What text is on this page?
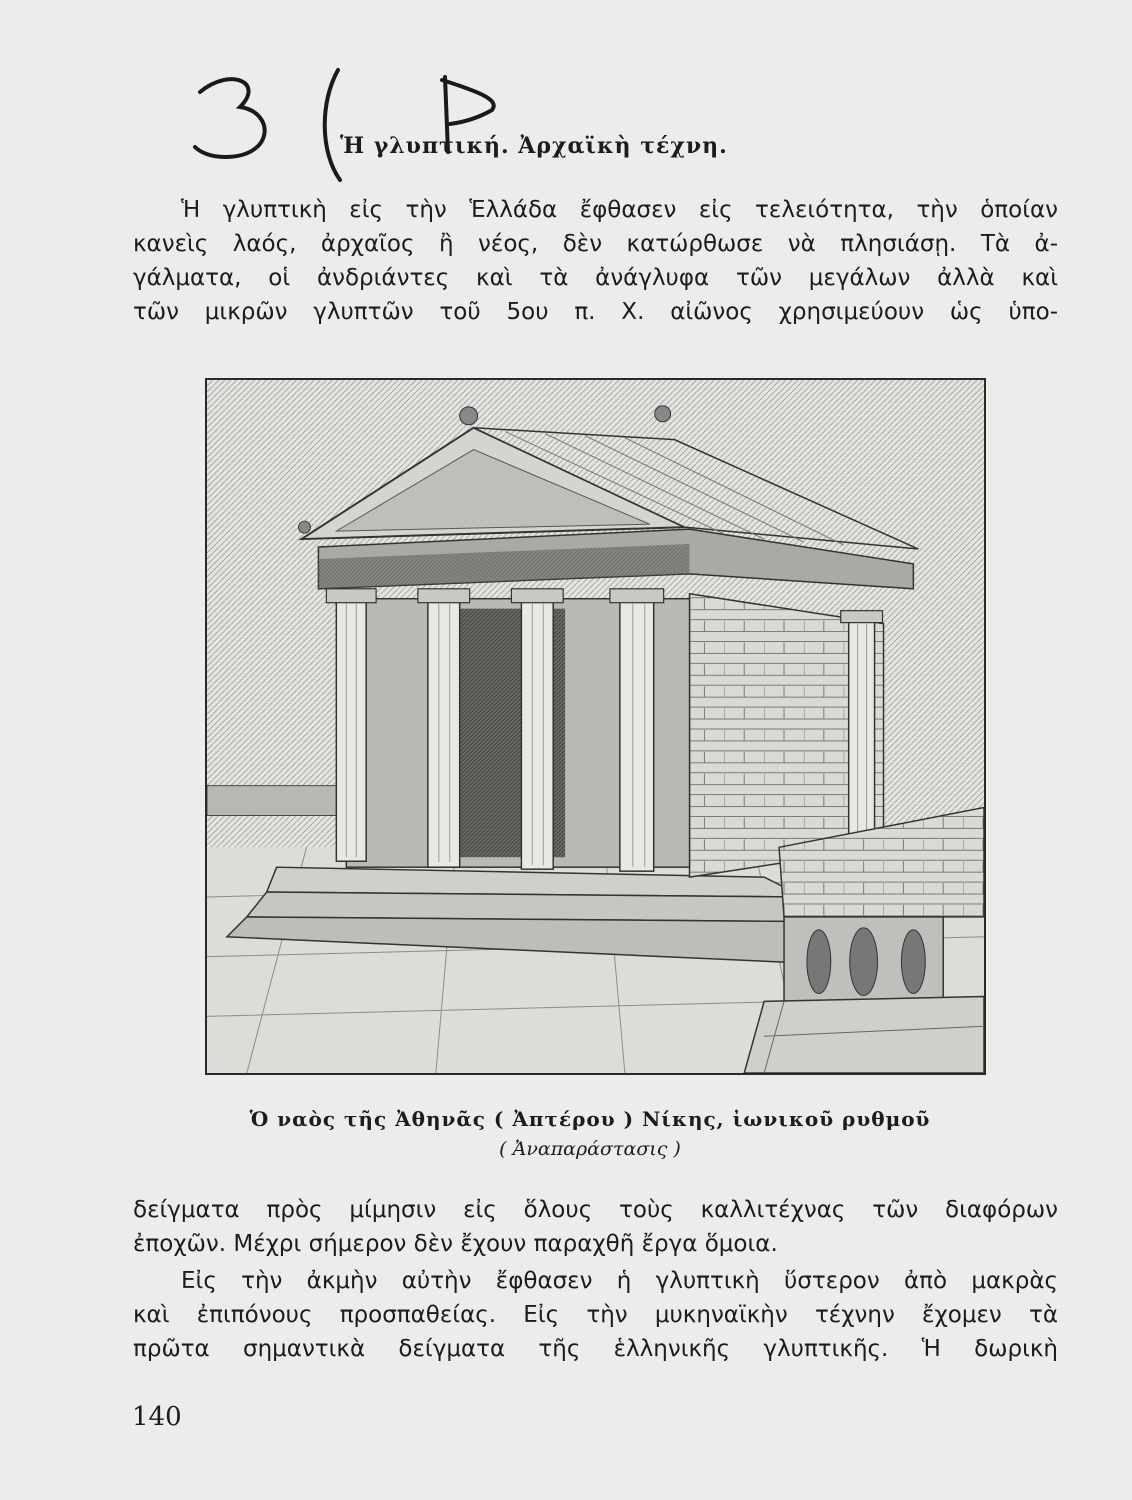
Ἡ γλυπτική. Ἀρχαϊκὴ τέχνη.
Ἡ γλυπτικὴ εἰς τὴν Ἑλλάδα ἔφθασεν εἰς τελειότητα, τὴν ὁποίαν
κανεὶς λαός, ἀρχαῖος ἢ νέος, δὲν κατώρθωσε νὰ πλησιάσῃ. Τὰ ἀ-
γάλματα, οἱ ἀνδριάντες καὶ τὰ ἀνάγλυφα τῶν μεγάλων ἀλλὰ καὶ
τῶν μικρῶν γλυπτῶν τοῦ 5ου π. Χ. αἰῶνος χρησιμεύουν ὡς ὑπο-
Ὁ ναὸς τῆς Ἀθηνᾶς ( Ἀπτέρου ) Νίκης, ἰωνικοῦ ρυθμοῦ
( Ἀναπαράστασις )
δείγματα πρὸς μίμησιν εἰς ὅλους τοὺς καλλιτέχνας τῶν διαφόρων
ἐποχῶν. Μέχρι σήμερον δὲν ἔχουν παραχθῆ ἔργα ὅμοια.
Εἰς τὴν ἀκμὴν αὐτὴν ἔφθασεν ἡ γλυπτικὴ ὕστερον ἀπὸ μακρὰς
καὶ ἐπιπόνους προσπαθείας. Εἰς τὴν μυκηναϊκὴν τέχνην ἔχομεν τὰ
πρῶτα σημαντικὰ δείγματα τῆς ἑλληνικῆς γλυπτικῆς. Ἡ δωρικὴ
140
